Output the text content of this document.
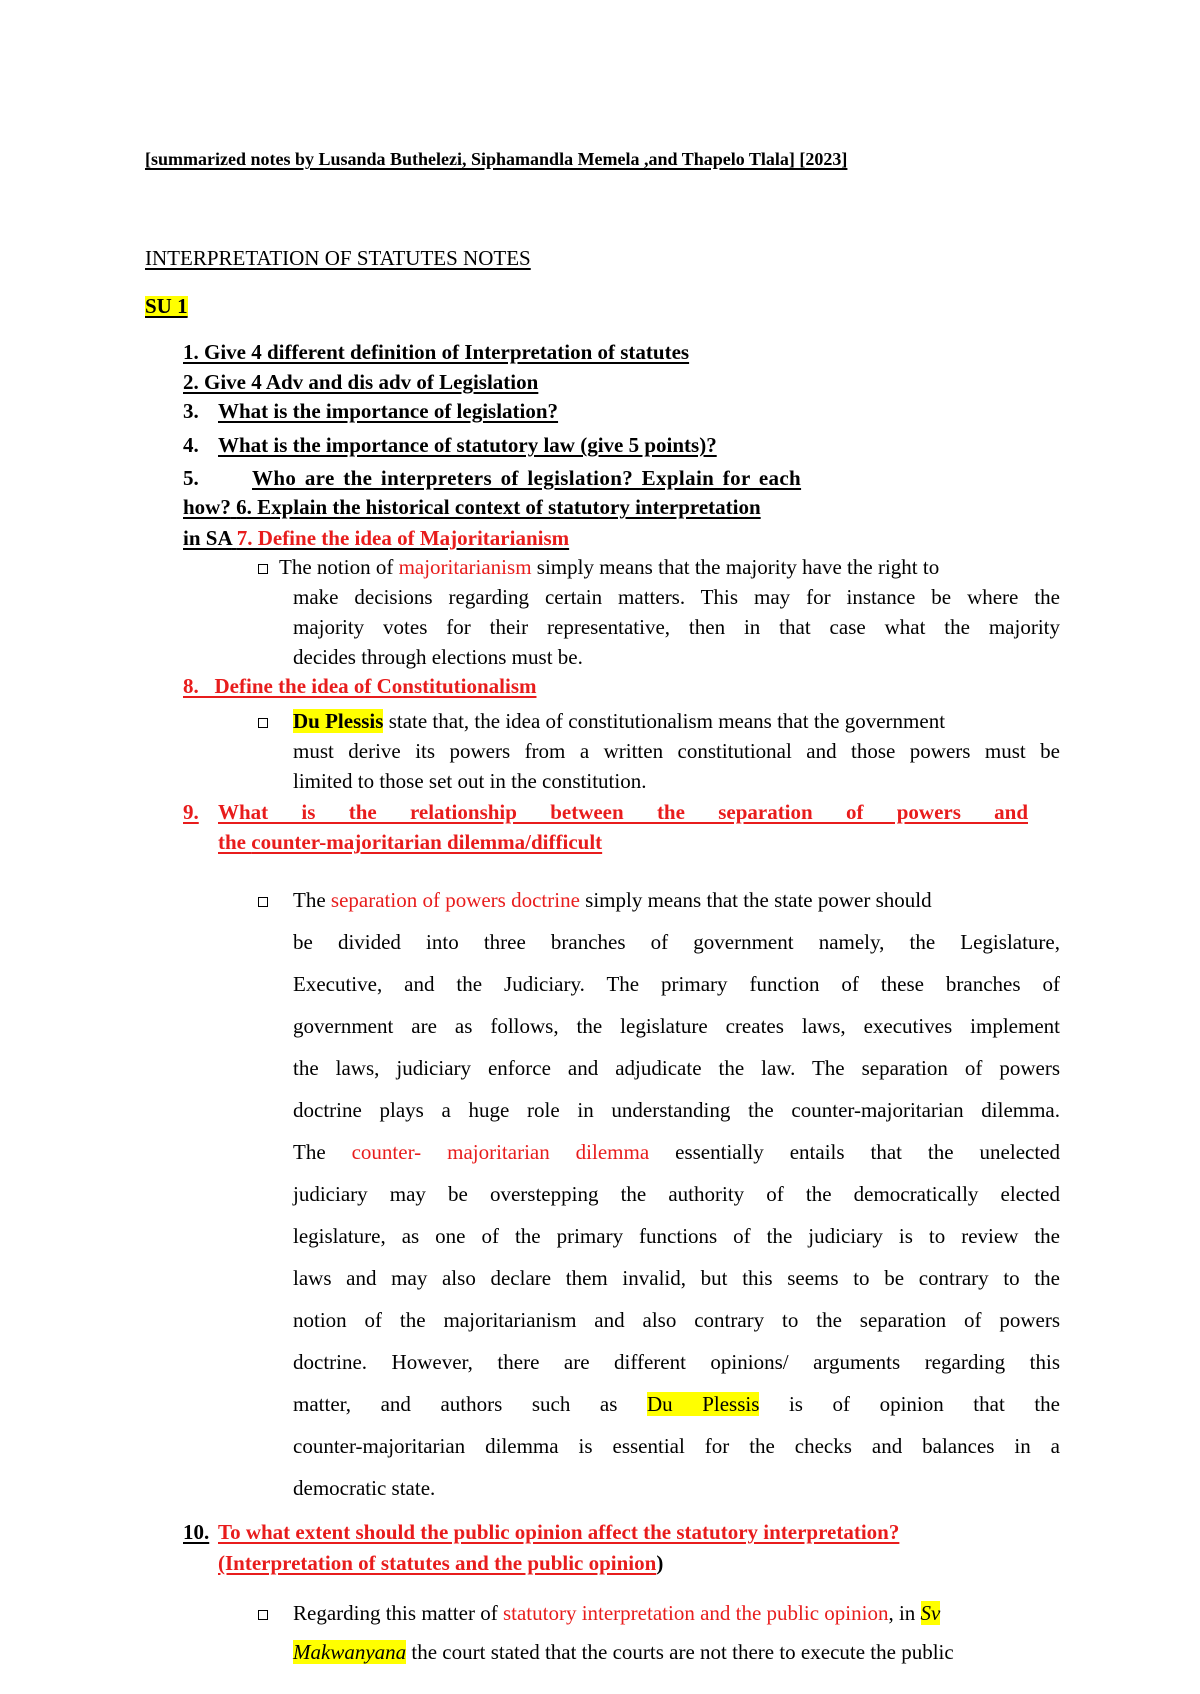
[summarized notes by Lusanda Buthelezi, Siphamandla Memela ,and Thapelo Tlala] [2023]
INTERPRETATION OF STATUTES NOTES
SU 1
1. Give 4 different definition of Interpretation of statutes
2. Give 4 Adv and dis adv of Legislation
3. What is the importance of legislation?
4. What is the importance of statutory law (give 5 points)?
5.	Who are the interpreters of legislation? Explain for each
how? 6. Explain the historical context of statutory interpretation
in SA 7. Define the idea of Majoritarianism
The notion of majoritarianism simply means that the majority have the right to
make decisions regarding certain matters. This may for instance be where the
majority votes for their representative, then in that case what the majority
decides through elections must be.
8.   Define the idea of Constitutionalism
Du Plessis state that, the idea of constitutionalism means that the government
must derive its powers from a written constitutional and those powers must be
limited to those set out in the constitution.
9. What is the relationship between the separation of powers and
the counter-majoritarian dilemma/difficult
The separation of powers doctrine simply means that the state power should
be divided into three branches of government namely, the Legislature,
Executive, and the Judiciary. The primary function of these branches of
government are as follows, the legislature creates laws, executives implement
the laws, judiciary enforce and adjudicate the law. The separation of powers
doctrine plays a huge role in understanding the counter-majoritarian dilemma.
The counter- majoritarian dilemma essentially entails that the unelected
judiciary may be overstepping the authority of the democratically elected
legislature, as one of the primary functions of the judiciary is to review the
laws and may also declare them invalid, but this seems to be contrary to the
notion of the majoritarianism and also contrary to the separation of powers
doctrine. However, there are different opinions/ arguments regarding this
matter, and authors such as Du Plessis is of opinion that the
counter-majoritarian dilemma is essential for the checks and balances in a
democratic state.
10. To what extent should the public opinion affect the statutory interpretation?
(Interpretation of statutes and the public opinion)
Regarding this matter of statutory interpretation and the public opinion, in Sv
Makwanyana the court stated that the courts are not there to execute the public
